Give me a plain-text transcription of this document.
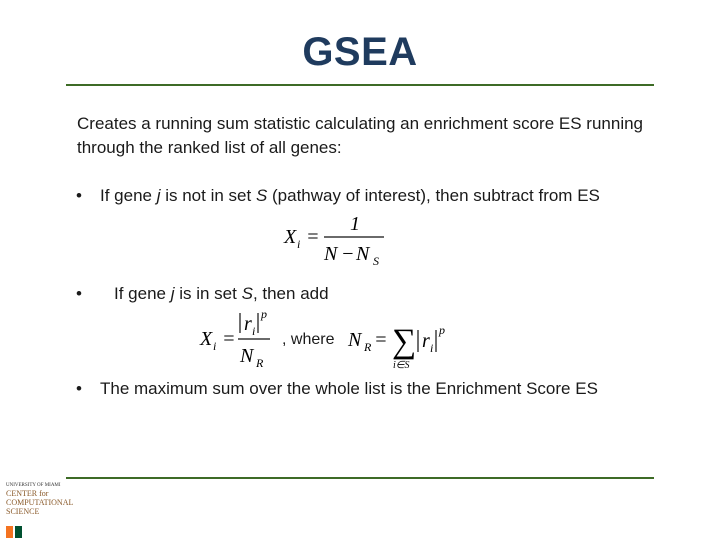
GSEA
Creates a running sum statistic calculating an enrichment score ES running through the ranked list of all genes:
• If gene j is not in set S (pathway of interest), then subtract from ES
X i =
1
N − N S
• If gene j is in set S, then add
X i =
r i
p
N R
, where N R = ∑
i∈S
r i
p
• The maximum sum over the whole list is the Enrichment Score ES
UNIVERSITY OF MIAMI
CENTER for
COMPUTATIONAL
SCIENCE
